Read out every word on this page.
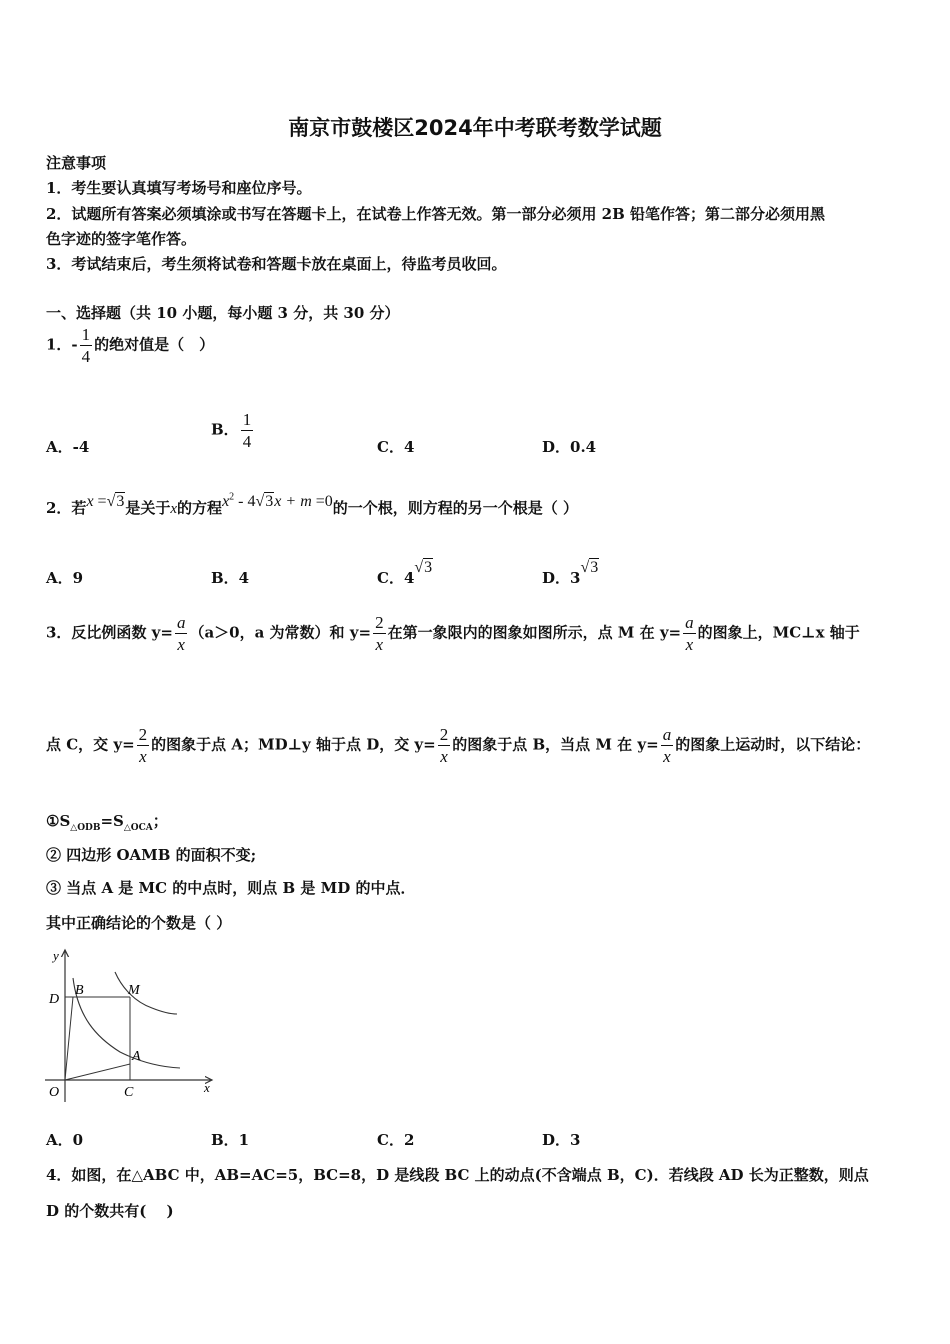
南京市鼓楼区2024年中考联考数学试题
注意事项
1．考生要认真填写考场号和座位序号。
2．试题所有答案必须填涂或书写在答题卡上，在试卷上作答无效。第一部分必须用 2B 铅笔作答；第二部分必须用黑
色字迹的签字笔作答。
3．考试结束后，考生须将试卷和答题卡放在桌面上，待监考员收回。
一、选择题（共 10 小题，每小题 3 分，共 30 分）
1．- $\frac{1}{4}$ 的绝对值是（　）
A．-4
B． $\frac{1}{4}$	C．4	D．0.4
2．若x =√3是关于x的方程$x^2 - 4√3x + m =0$的一个根，则方程的另一个根是（ ）
A．9	B．4	C．4√3
D．3√3
3．反比例函数 $y= \frac{a}{x} (a>0$，a 为常数）和 $y= \frac{2}{x}$ 在第一象限内的图象如图所示，点 M 在 $y= \frac{a}{x}$ 的图象上，MC⊥x 轴于
点 C，交 $y= \frac{2}{x}$ 的图象于点 A；MD⊥y 轴于点 D，交 $y= \frac{2}{x}$ 的图象于点 B，当点 M 在 $y= \frac{a}{x}$ 的图象上运动时，以下结论：
$①S_{\triangle ODB}=S_{\triangle OCA}$；
② 四边形 OAMB 的面积不变;
③ 当点 A 是 MC 的中点时，则点 B 是 MD 的中点．
其中正确结论的个数是（ ）
y
x
O
D
B	M
A
C
A．0	B．1	C．2	D．3
4．如图，在△ABC 中，AB=AC=5，BC=8，D 是线段 BC 上的动点(不含端点 B，C)．若线段 AD 长为正整数，则点
D 的个数共有(　 )
